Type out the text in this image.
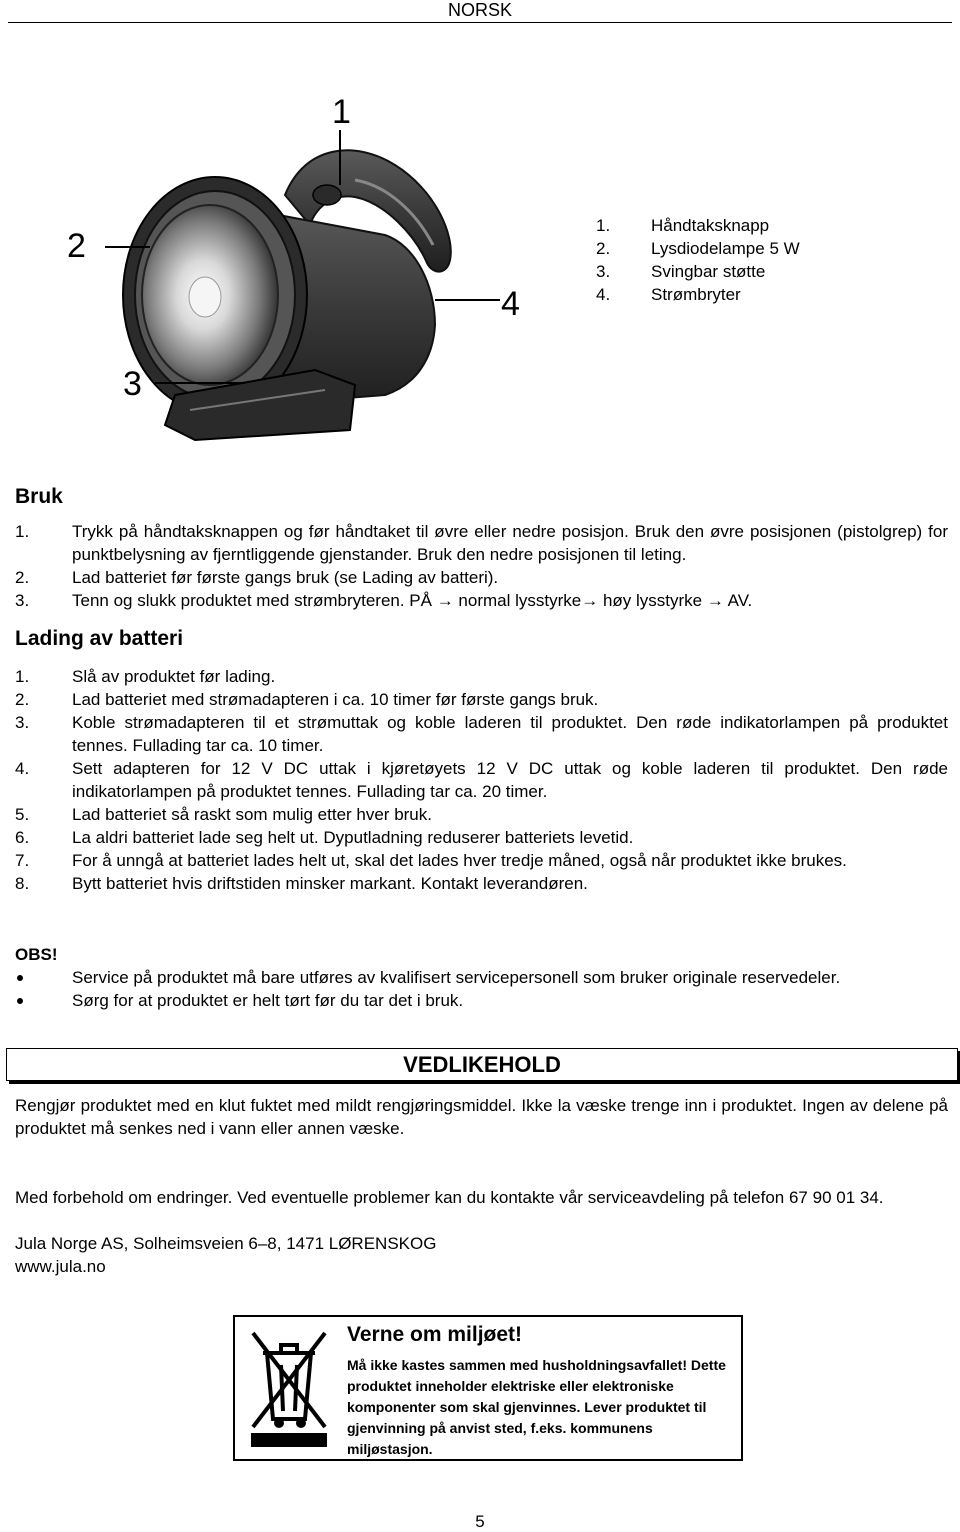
NORSK
1
2
4
3
1. Håndtaksknapp
2. Lysdiodelampe 5 W
3. Svingbar støtte
4. Strømbryter
Bruk
1.	Trykk på håndtaksknappen og før håndtaket til øvre eller nedre posisjon. Bruk den øvre posisjonen (pistolgrep) for punktbelysning av fjerntliggende gjenstander. Bruk den nedre posisjonen til leting.
2.	Lad batteriet før første gangs bruk (se Lading av batteri).
3.	Tenn og slukk produktet med strømbryteren. PÅ → normal lysstyrke→ høy lysstyrke → AV.
Lading av batteri
1.	Slå av produktet før lading.
2.	Lad batteriet med strømadapteren i ca. 10 timer før første gangs bruk.
3.	Koble strømadapteren til et strømuttak og koble laderen til produktet. Den røde indikatorlampen på produktet tennes. Fullading tar ca. 10 timer.
4.	Sett adapteren for 12 V DC uttak i kjøretøyets 12 V DC uttak og koble laderen til produktet. Den røde indikatorlampen på produktet tennes. Fullading tar ca. 20 timer.
5.	Lad batteriet så raskt som mulig etter hver bruk.
6.	La aldri batteriet lade seg helt ut. Dyputladning reduserer batteriets levetid.
7.	For å unngå at batteriet lades helt ut, skal det lades hver tredje måned, også når produktet ikke brukes.
8.	Bytt batteriet hvis driftstiden minsker markant. Kontakt leverandøren.
OBS!
Service på produktet må bare utføres av kvalifisert servicepersonell som bruker originale reservedeler.
Sørg for at produktet er helt tørt før du tar det i bruk.
VEDLIKEHOLD
Rengjør produktet med en klut fuktet med mildt rengjøringsmiddel. Ikke la væske trenge inn i produktet. Ingen av delene på produktet må senkes ned i vann eller annen væske.
Med forbehold om endringer. Ved eventuelle problemer kan du kontakte vår serviceavdeling på telefon 67 90 01 34.
Jula Norge AS, Solheimsveien 6–8, 1471 LØRENSKOG
www.jula.no
Verne om miljøet!
Må ikke kastes sammen med husholdningsavfallet! Dette produktet inneholder elektriske eller elektroniske komponenter som skal gjenvinnes. Lever produktet til gjenvinning på anvist sted, f.eks. kommunens miljøstasjon.
5
